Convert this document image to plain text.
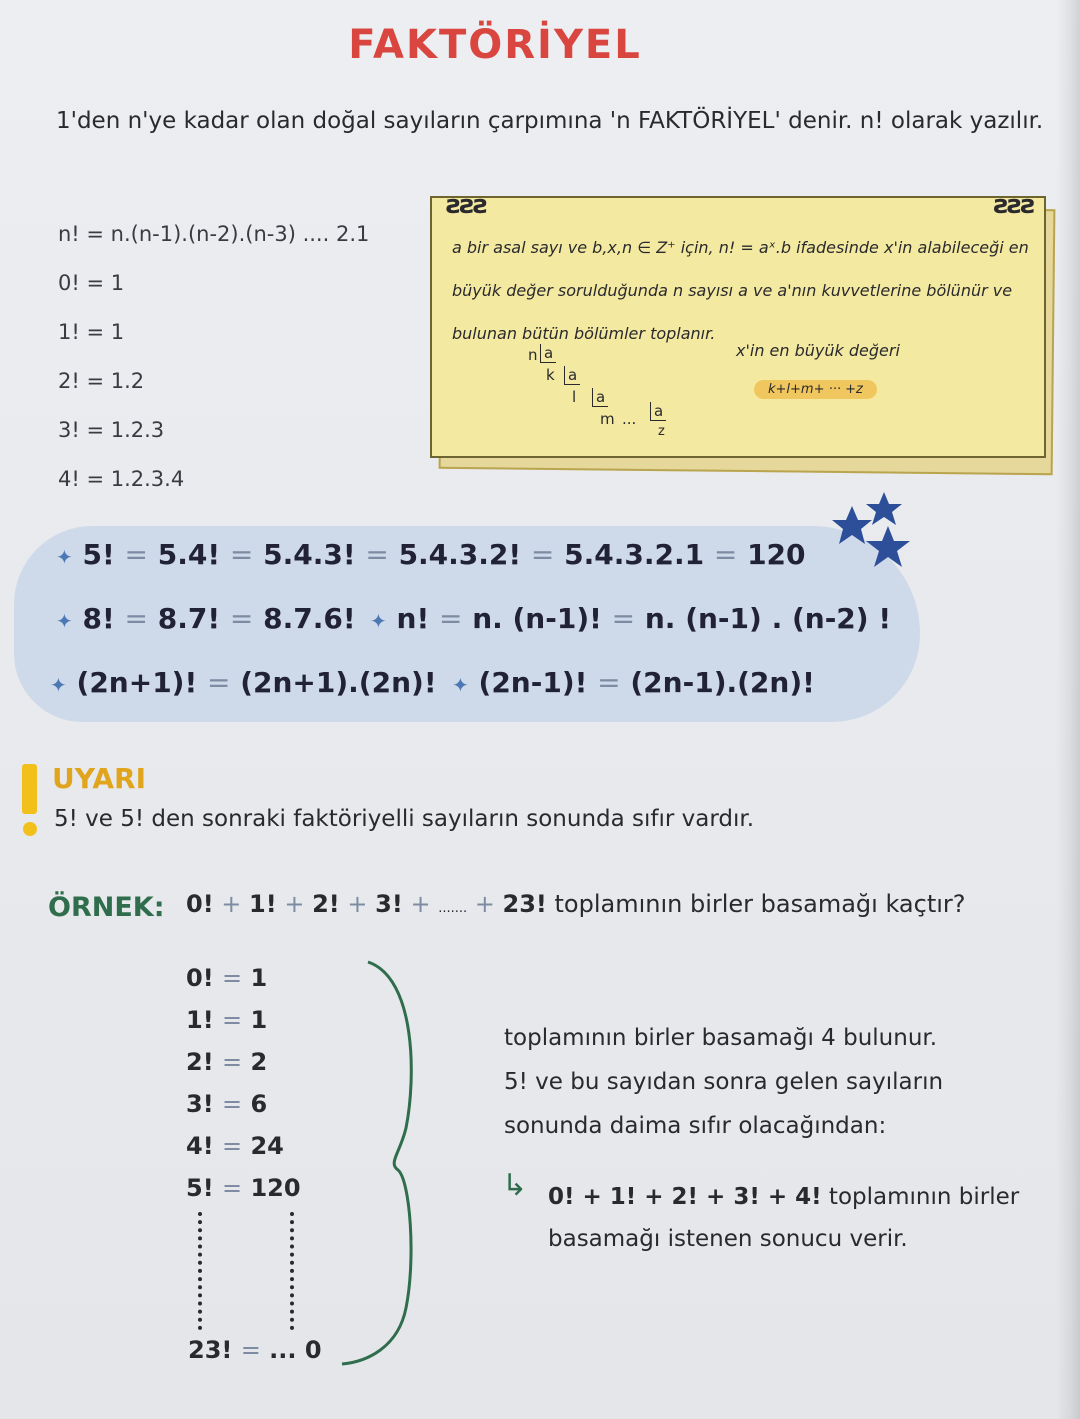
FAKTÖRİYEL
1'den n'ye kadar olan doğal sayıların çarpımına 'n FAKTÖRİYEL' denir. n! olarak yazılır.
n! = n.(n-1).(n-2).(n-3) .... 2.1
0! = 1
1! = 1
2! = 1.2
3! = 1.2.3
4! = 1.2.3.4
ƨƨƨ	ƨƨƨ
a bir asal sayı ve b,x,n ∈ Z⁺ için, n! = aˣ.b ifadesinde x'in alabileceği en büyük değer sorulduğunda n sayısı a ve a'nın kuvvetlerine bölünür ve bulunan bütün bölümler toplanır.
n a
k a
l a
m ... a
z
x'in en büyük değeri
k+l+m+ ··· +z
✦ 5! = 5.4! = 5.4.3! = 5.4.3.2! = 5.4.3.2.1 = 120
✦ 8! = 8.7! = 8.7.6! ✦ n! = n. (n-1)! = n. (n-1) . (n-2) !
✦ (2n+1)! = (2n+1).(2n)! ✦ (2n-1)! = (2n-1).(2n)!
UYARI
5! ve 5! den sonraki faktöriyelli sayıların sonunda sıfır vardır.
ÖRNEK: 0! + 1! + 2! + 3! + ....... + 23! toplamının birler basamağı kaçtır?
0! = 1
1! = 1
2! = 2
3! = 6
4! = 24
5! = 120
23! = ... 0
toplamının birler basamağı 4 bulunur.
5! ve bu sayıdan sonra gelen sayıların
sonunda daima sıfır olacağından:
↳ 0! + 1! + 2! + 3! + 4! toplamının birler
basamağı istenen sonucu verir.
